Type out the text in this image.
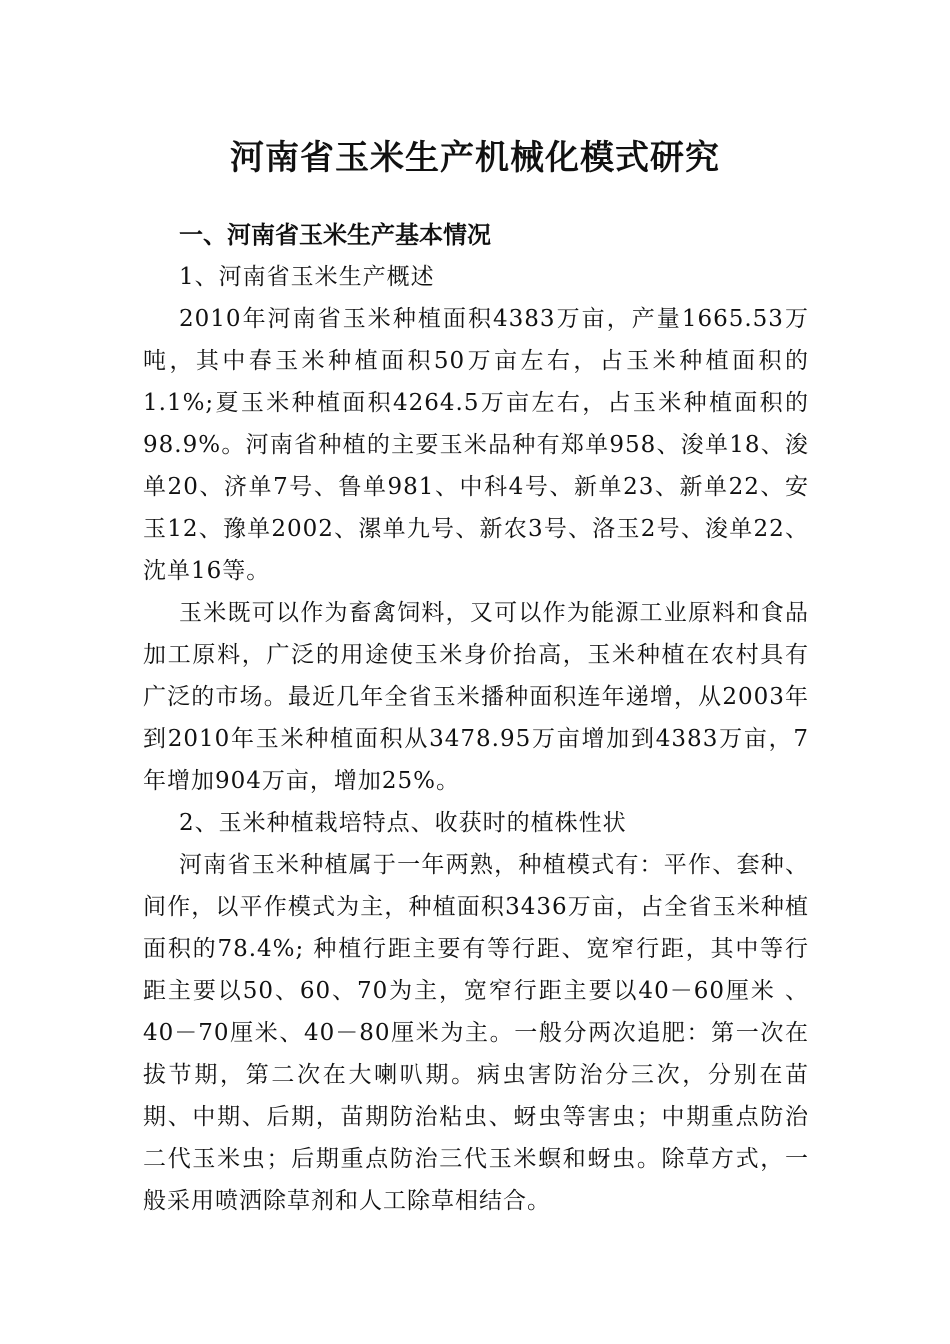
河南省玉米生产机械化模式研究

一、河南省玉米生产基本情况

1、河南省玉米生产概述

2010年河南省玉米种植面积4383万亩，产量1665.53万吨，其中春玉米种植面积50万亩左右，占玉米种植面积的1.1%;夏玉米种植面积4264.5万亩左右，占玉米种植面积的98.9%。河南省种植的主要玉米品种有郑单958、浚单18、浚单20、济单7号、鲁单981、中科4号、新单23、新单22、安玉12、豫单2002、漯单九号、新农3号、洛玉2号、浚单22、沈单16等。

玉米既可以作为畜禽饲料，又可以作为能源工业原料和食品加工原料，广泛的用途使玉米身价抬高，玉米种植在农村具有广泛的市场。最近几年全省玉米播种面积连年递增，从2003年到2010年玉米种植面积从3478.95万亩增加到4383万亩，7年增加904万亩，增加25%。

2、玉米种植栽培特点、收获时的植株性状

河南省玉米种植属于一年两熟，种植模式有：平作、套种、间作，以平作模式为主，种植面积3436万亩，占全省玉米种植面积的78.4%; 种植行距主要有等行距、宽窄行距，其中等行距主要以50、60、70为主，宽窄行距主要以40－60厘米 、40－70厘米、40－80厘米为主。一般分两次追肥：第一次在拔节期，第二次在大喇叭期。病虫害防治分三次，分别在苗期、中期、后期，苗期防治粘虫、蚜虫等害虫；中期重点防治二代玉米虫；后期重点防治三代玉米螟和蚜虫。除草方式，一般采用喷洒除草剂和人工除草相结合。
